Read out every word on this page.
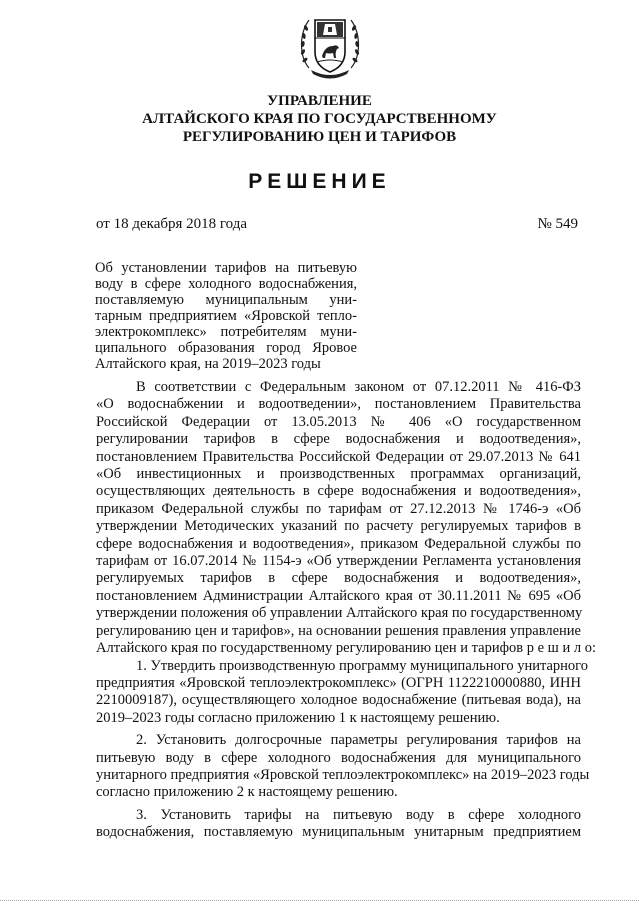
УПРАВЛЕНИЕ
АЛТАЙСКОГО КРАЯ ПО ГОСУДАРСТВЕННОМУ
РЕГУЛИРОВАНИЮ ЦЕН И ТАРИФОВ
РЕШЕНИЕ
от 18 декабря 2018 года	№ 549
Об установлении тарифов на питьевую
воду в сфере холодного водоснабжения,
поставляемую муниципальным уни-
тарным предприятием «Яровской тепло-
электрокомплекс» потребителям муни-
ципального образования город Яровое
Алтайского края, на 2019–2023 годы
В соответствии с Федеральным законом от 07.12.2011 № 416-ФЗ
«О водоснабжении и водоотведении», постановлением Правительства
Российской Федерации от 13.05.2013 № 406 «О государственном
регулировании тарифов в сфере водоснабжения и водоотведения»,
постановлением Правительства Российской Федерации от 29.07.2013 № 641
«Об инвестиционных и производственных программах организаций,
осуществляющих деятельность в сфере водоснабжения и водоотведения»,
приказом Федеральной службы по тарифам от 27.12.2013 № 1746-э «Об
утверждении Методических указаний по расчету регулируемых тарифов в
сфере водоснабжения и водоотведения», приказом Федеральной службы по
тарифам от 16.07.2014 № 1154-э «Об утверждении Регламента установления
регулируемых тарифов в сфере водоснабжения и водоотведения»,
постановлением Администрации Алтайского края от 30.11.2011 № 695 «Об
утверждении положения об управлении Алтайского края по государственному
регулированию цен и тарифов», на основании решения правления управление
Алтайского края по государственному регулированию цен и тарифов р е ш и л о:
1. Утвердить производственную программу муниципального унитарного
предприятия «Яровской теплоэлектрокомплекс» (ОГРН 1122210000880, ИНН
2210009187), осуществляющего холодное водоснабжение (питьевая вода), на
2019–2023 годы согласно приложению 1 к настоящему решению.
2. Установить долгосрочные параметры регулирования тарифов на
питьевую воду в сфере холодного водоснабжения для муниципального
унитарного предприятия «Яровской теплоэлектрокомплекс» на 2019–2023 годы
согласно приложению 2 к настоящему решению.
3. Установить тарифы на питьевую воду в сфере холодного
водоснабжения, поставляемую муниципальным унитарным предприятием
